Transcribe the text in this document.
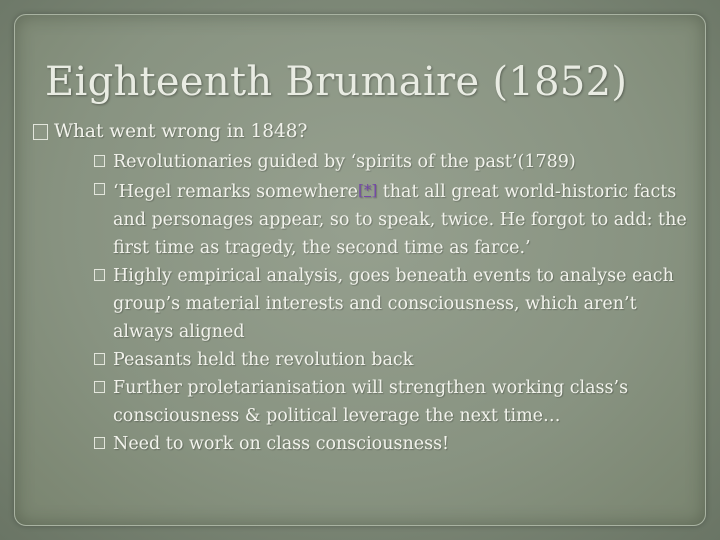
Eighteenth Brumaire (1852)
What went wrong in 1848?
Revolutionaries guided by ‘spirits of the past’(1789)
‘Hegel remarks somewhere[*] that all great world-historic facts and personages appear, so to speak, twice. He forgot to add: the first time as tragedy, the second time as farce.’
Highly empirical analysis, goes beneath events to analyse each group’s material interests and consciousness, which aren’t always aligned
Peasants held the revolution back
Further proletarianisation will strengthen working class’s consciousness & political leverage the next time…
Need to work on class consciousness!
